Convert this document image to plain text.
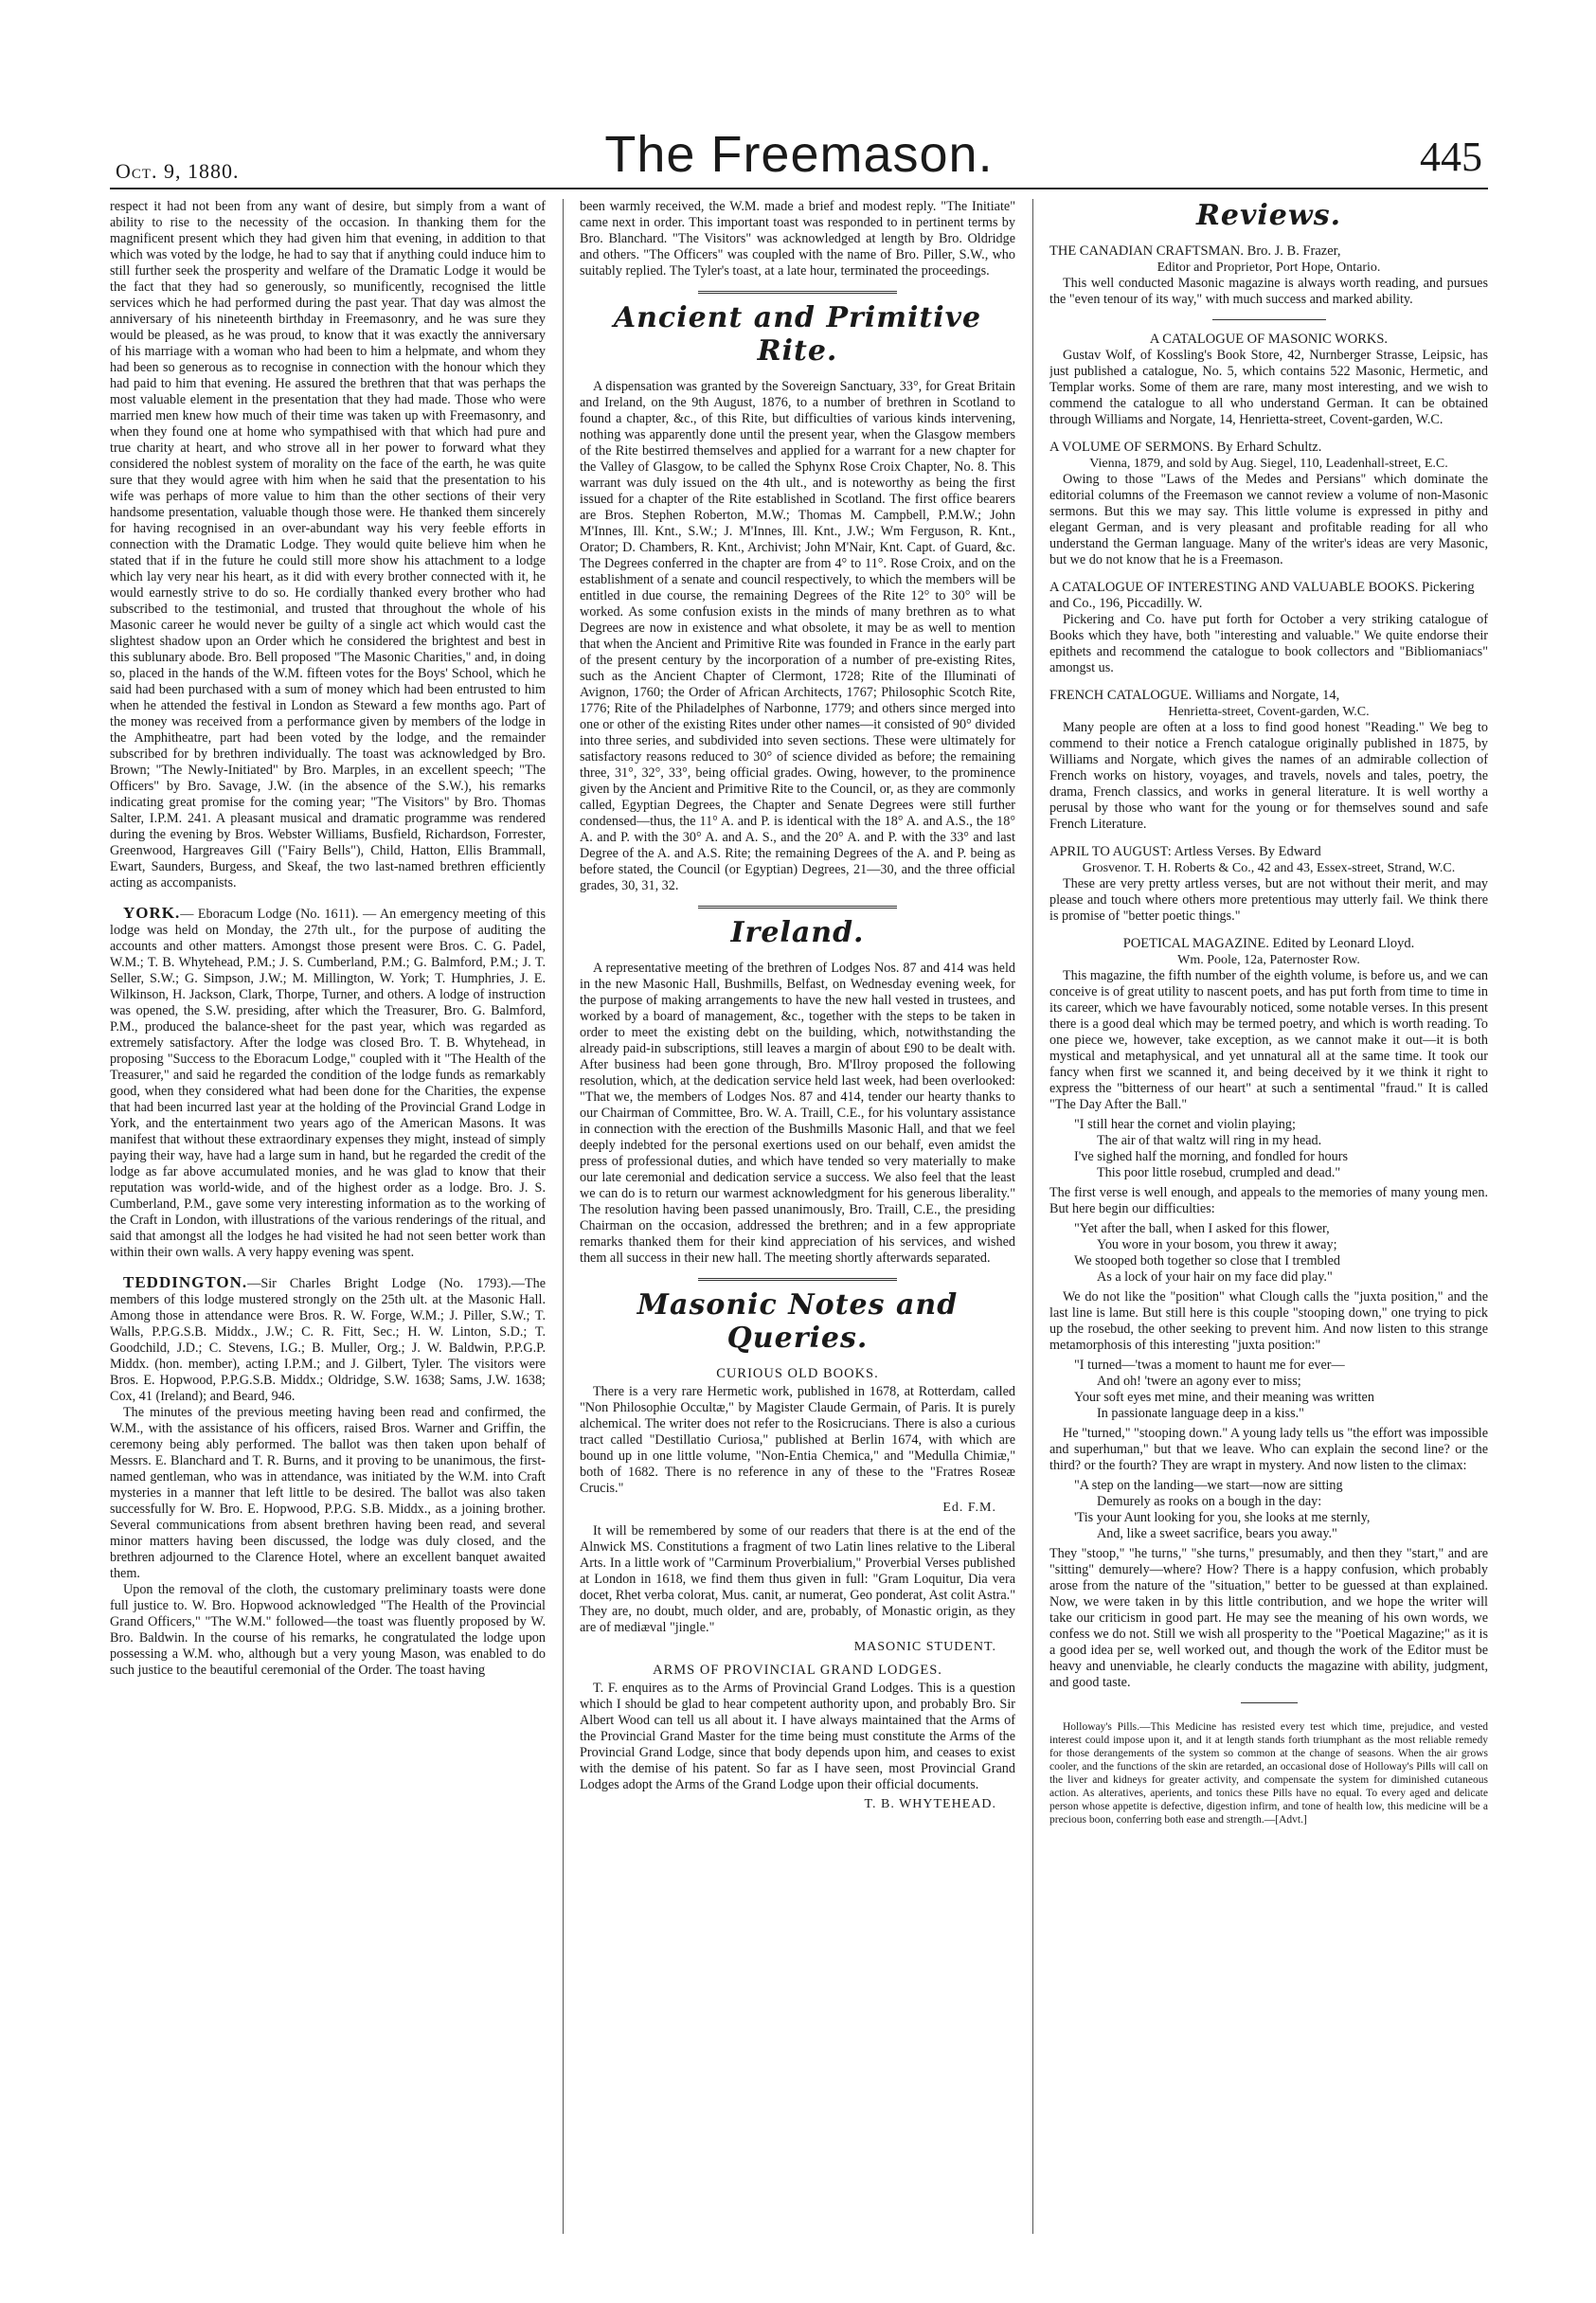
Oct. 9, 1880.	The Freemason.	445

respect it had not been from any want of desire, but simply from a want of ability to rise to the necessity of the occasion. In thanking them for the magnificent present which they had given him that evening, in addition to that which was voted by the lodge, he had to say that if anything could induce him to still further seek the prosperity and welfare of the Dramatic Lodge it would be the fact that they had so generously, so munificently, recognised the little services which he had performed during the past year. That day was almost the anniversary of his nineteenth birthday in Freemasonry, and he was sure they would be pleased, as he was proud, to know that it was exactly the anniversary of his marriage with a woman who had been to him a helpmate, and whom they had been so generous as to recognise in connection with the honour which they had paid to him that evening. He assured the brethren that that was perhaps the most valuable element in the presentation that they had made. Those who were married men knew how much of their time was taken up with Freemasonry, and when they found one at home who sympathised with that which had pure and true charity at heart, and who strove all in her power to forward what they considered the noblest system of morality on the face of the earth, he was quite sure that they would agree with him when he said that the presentation to his wife was perhaps of more value to him than the other sections of their very handsome presentation, valuable though those were. He thanked them sincerely for having recognised in an over-abundant way his very feeble efforts in connection with the Dramatic Lodge. They would quite believe him when he stated that if in the future he could still more show his attachment to a lodge which lay very near his heart, as it did with every brother connected with it, he would earnestly strive to do so. He cordially thanked every brother who had subscribed to the testimonial, and trusted that throughout the whole of his Masonic career he would never be guilty of a single act which would cast the slightest shadow upon an Order which he considered the brightest and best in this sublunary abode. Bro. Bell proposed "The Masonic Charities," and, in doing so, placed in the hands of the W.M. fifteen votes for the Boys' School, which he said had been purchased with a sum of money which had been entrusted to him when he attended the festival in London as Steward a few months ago. Part of the money was received from a performance given by members of the lodge in the Amphitheatre, part had been voted by the lodge, and the remainder subscribed for by brethren individually. The toast was acknowledged by Bro. Brown; "The Newly-Initiated" by Bro. Marples, in an excellent speech; "The Officers" by Bro. Savage, J.W. (in the absence of the S.W.), his remarks indicating great promise for the coming year; "The Visitors" by Bro. Thomas Salter, I.P.M. 241. A pleasant musical and dramatic programme was rendered during the evening by Bros. Webster Williams, Busfield, Richardson, Forrester, Greenwood, Hargreaves Gill ("Fairy Bells"), Child, Hatton, Ellis Brammall, Ewart, Saunders, Burgess, and Skeaf, the two last-named brethren efficiently acting as accompanists.

YORK.— Eboracum Lodge (No. 1611). — An emergency meeting of this lodge was held on Monday, the 27th ult., for the purpose of auditing the accounts and other matters. Amongst those present were Bros. C. G. Padel, W.M.; T. B. Whytehead, P.M.; J. S. Cumberland, P.M.; G. Balmford, P.M.; J. T. Seller, S.W.; G. Simpson, J.W.; M. Millington, W. York; T. Humphries, J. E. Wilkinson, H. Jackson, Clark, Thorpe, Turner, and others. A lodge of instruction was opened, the S.W. presiding, after which the Treasurer, Bro. G. Balmford, P.M., produced the balance-sheet for the past year, which was regarded as extremely satisfactory. After the lodge was closed Bro. T. B. Whytehead, in proposing "Success to the Eboracum Lodge," coupled with it "The Health of the Treasurer," and said he regarded the condition of the lodge funds as remarkably good, when they considered what had been done for the Charities, the expense that had been incurred last year at the holding of the Provincial Grand Lodge in York, and the entertainment two years ago of the American Masons. It was manifest that without these extraordinary expenses they might, instead of simply paying their way, have had a large sum in hand, but he regarded the credit of the lodge as far above accumulated monies, and he was glad to know that their reputation was world-wide, and of the highest order as a lodge. Bro. J. S. Cumberland, P.M., gave some very interesting information as to the working of the Craft in London, with illustrations of the various renderings of the ritual, and said that amongst all the lodges he had visited he had not seen better work than within their own walls. A very happy evening was spent.

TEDDINGTON.—Sir Charles Bright Lodge (No. 1793).—The members of this lodge mustered strongly on the 25th ult. at the Masonic Hall. Among those in attendance were Bros. R. W. Forge, W.M.; J. Piller, S.W.; T. Walls, P.P.G.S.B. Middx., J.W.; C. R. Fitt, Sec.; H. W. Linton, S.D.; T. Goodchild, J.D.; C. Stevens, I.G.; B. Muller, Org.; J. W. Baldwin, P.P.G.P. Middx. (hon. member), acting I.P.M.; and J. Gilbert, Tyler. The visitors were Bros. E. Hopwood, P.P.G.S.B. Middx.; Oldridge, S.W. 1638; Sams, J.W. 1638; Cox, 41 (Ireland); and Beard, 946.

The minutes of the previous meeting having been read and confirmed, the W.M., with the assistance of his officers, raised Bros. Warner and Griffin, the ceremony being ably performed. The ballot was then taken upon behalf of Messrs. E. Blanchard and T. R. Burns, and it proving to be unanimous, the first-named gentleman, who was in attendance, was initiated by the W.M. into Craft mysteries in a manner that left little to be desired. The ballot was also taken successfully for W. Bro. E. Hopwood, P.P.G. S.B. Middx., as a joining brother. Several communications from absent brethren having been read, and several minor matters having been discussed, the lodge was duly closed, and the brethren adjourned to the Clarence Hotel, where an excellent banquet awaited them.

Upon the removal of the cloth, the customary preliminary toasts were done full justice to. W. Bro. Hopwood acknowledged "The Health of the Provincial Grand Officers," "The W.M." followed—the toast was fluently proposed by W. Bro. Baldwin. In the course of his remarks, he congratulated the lodge upon possessing a W.M. who, although but a very young Mason, was enabled to do such justice to the beautiful ceremonial of the Order. The toast having

been warmly received, the W.M. made a brief and modest reply. "The Initiate" came next in order. This important toast was responded to in pertinent terms by Bro. Blanchard. "The Visitors" was acknowledged at length by Bro. Oldridge and others. "The Officers" was coupled with the name of Bro. Piller, S.W., who suitably replied. The Tyler's toast, at a late hour, terminated the proceedings.

Ancient and Primitive Rite.

A dispensation was granted by the Sovereign Sanctuary, 33°, for Great Britain and Ireland, on the 9th August, 1876, to a number of brethren in Scotland to found a chapter, &c., of this Rite, but difficulties of various kinds intervening, nothing was apparently done until the present year, when the Glasgow members of the Rite bestirred themselves and applied for a warrant for a new chapter for the Valley of Glasgow, to be called the Sphynx Rose Croix Chapter, No. 8. This warrant was duly issued on the 4th ult., and is noteworthy as being the first issued for a chapter of the Rite established in Scotland. The first office bearers are Bros. Stephen Roberton, M.W.; Thomas M. Campbell, P.M.W.; John M'Innes, Ill. Knt., S.W.; J. M'Innes, Ill. Knt., J.W.; Wm Ferguson, R. Knt., Orator; D. Chambers, R. Knt., Archivist; John M'Nair, Knt. Capt. of Guard, &c. The Degrees conferred in the chapter are from 4° to 11°. Rose Croix, and on the establishment of a senate and council respectively, to which the members will be entitled in due course, the remaining Degrees of the Rite 12° to 30° will be worked. As some confusion exists in the minds of many brethren as to what Degrees are now in existence and what obsolete, it may be as well to mention that when the Ancient and Primitive Rite was founded in France in the early part of the present century by the incorporation of a number of pre-existing Rites, such as the Ancient Chapter of Clermont, 1728; Rite of the Illuminati of Avignon, 1760; the Order of African Architects, 1767; Philosophic Scotch Rite, 1776; Rite of the Philadelphes of Narbonne, 1779; and others since merged into one or other of the existing Rites under other names—it consisted of 90° divided into three series, and subdivided into seven sections. These were ultimately for satisfactory reasons reduced to 30° of science divided as before; the remaining three, 31°, 32°, 33°, being official grades. Owing, however, to the prominence given by the Ancient and Primitive Rite to the Council, or, as they are commonly called, Egyptian Degrees, the Chapter and Senate Degrees were still further condensed—thus, the 11° A. and P. is identical with the 18° A. and A.S., the 18° A. and P. with the 30° A. and A. S., and the 20° A. and P. with the 33° and last Degree of the A. and A.S. Rite; the remaining Degrees of the A. and P. being as before stated, the Council (or Egyptian) Degrees, 21—30, and the three official grades, 30, 31, 32.

Ireland.

A representative meeting of the brethren of Lodges Nos. 87 and 414 was held in the new Masonic Hall, Bushmills, Belfast, on Wednesday evening week, for the purpose of making arrangements to have the new hall vested in trustees, and worked by a board of management, &c., together with the steps to be taken in order to meet the existing debt on the building, which, notwithstanding the already paid-in subscriptions, still leaves a margin of about £90 to be dealt with. After business had been gone through, Bro. M'Ilroy proposed the following resolution, which, at the dedication service held last week, had been overlooked: "That we, the members of Lodges Nos. 87 and 414, tender our hearty thanks to our Chairman of Committee, Bro. W. A. Traill, C.E., for his voluntary assistance in connection with the erection of the Bushmills Masonic Hall, and that we feel deeply indebted for the personal exertions used on our behalf, even amidst the press of professional duties, and which have tended so very materially to make our late ceremonial and dedication service a success. We also feel that the least we can do is to return our warmest acknowledgment for his generous liberality." The resolution having been passed unanimously, Bro. Traill, C.E., the presiding Chairman on the occasion, addressed the brethren; and in a few appropriate remarks thanked them for their kind appreciation of his services, and wished them all success in their new hall. The meeting shortly afterwards separated.

Masonic Notes and Queries.
CURIOUS OLD BOOKS.

There is a very rare Hermetic work, published in 1678, at Rotterdam, called "Non Philosophie Occultæ," by Magister Claude Germain, of Paris. It is purely alchemical. The writer does not refer to the Rosicrucians. There is also a curious tract called "Destillatio Curiosa," published at Berlin 1674, with which are bound up in one little volume, "Non-Entia Chemica," and "Medulla Chimiæ," both of 1682. There is no reference in any of these to the "Fratres Roseæ Crucis."

Ed. F.M.

It will be remembered by some of our readers that there is at the end of the Alnwick MS. Constitutions a fragment of two Latin lines relative to the Liberal Arts. In a little work of "Carminum Proverbialium," Proverbial Verses published at London in 1618, we find them thus given in full: "Gram Loquitur, Dia vera docet, Rhet verba colorat, Mus. canit, ar numerat, Geo ponderat, Ast colit Astra." They are, no doubt, much older, and are, probably, of Monastic origin, as they are of mediæval "jingle."

MASONIC STUDENT.
ARMS OF PROVINCIAL GRAND LODGES.

T. F. enquires as to the Arms of Provincial Grand Lodges. This is a question which I should be glad to hear competent authority upon, and probably Bro. Sir Albert Wood can tell us all about it. I have always maintained that the Arms of the Provincial Grand Master for the time being must constitute the Arms of the Provincial Grand Lodge, since that body depends upon him, and ceases to exist with the demise of his patent. So far as I have seen, most Provincial Grand Lodges adopt the Arms of the Grand Lodge upon their official documents.

T. B. WHYTEHEAD.
Reviews.
THE CANADIAN CRAFTSMAN. Bro. J. B. Frazer,
Editor and Proprietor, Port Hope, Ontario.

This well conducted Masonic magazine is always worth reading, and pursues the "even tenour of its way," with much success and marked ability.

A CATALOGUE OF MASONIC WORKS.

Gustav Wolf, of Kossling's Book Store, 42, Nurnberger Strasse, Leipsic, has just published a catalogue, No. 5, which contains 522 Masonic, Hermetic, and Templar works. Some of them are rare, many most interesting, and we wish to commend the catalogue to all who understand German. It can be obtained through Williams and Norgate, 14, Henrietta-street, Covent-garden, W.C.

A VOLUME OF SERMONS. By Erhard Schultz.
Vienna, 1879, and sold by Aug. Siegel, 110, Leadenhall-street, E.C.

Owing to those "Laws of the Medes and Persians" which dominate the editorial columns of the Freemason we cannot review a volume of non-Masonic sermons. But this we may say. This little volume is expressed in pithy and elegant German, and is very pleasant and profitable reading for all who understand the German language. Many of the writer's ideas are very Masonic, but we do not know that he is a Freemason.

A CATALOGUE OF INTERESTING AND VALUABLE BOOKS. Pickering and Co., 196, Piccadilly. W.

Pickering and Co. have put forth for October a very striking catalogue of Books which they have, both "interesting and valuable." We quite endorse their epithets and recommend the catalogue to book collectors and "Bibliomaniacs" amongst us.

FRENCH CATALOGUE. Williams and Norgate, 14,
Henrietta-street, Covent-garden, W.C.

Many people are often at a loss to find good honest "Reading." We beg to commend to their notice a French catalogue originally published in 1875, by Williams and Norgate, which gives the names of an admirable collection of French works on history, voyages, and travels, novels and tales, poetry, the drama, French classics, and works in general literature. It is well worthy a perusal by those who want for the young or for themselves sound and safe French Literature.

APRIL TO AUGUST: Artless Verses. By Edward
Grosvenor. T. H. Roberts & Co., 42 and 43, Essex-street, Strand, W.C.

These are very pretty artless verses, but are not without their merit, and may please and touch where others more pretentious may utterly fail. We think there is promise of "better poetic things."

POETICAL MAGAZINE. Edited by Leonard Lloyd.
Wm. Poole, 12a, Paternoster Row.

This magazine, the fifth number of the eighth volume, is before us, and we can conceive is of great utility to nascent poets, and has put forth from time to time in its career, which we have favourably noticed, some notable verses. In this present there is a good deal which may be termed poetry, and which is worth reading. To one piece we, however, take exception, as we cannot make it out—it is both mystical and metaphysical, and yet unnatural all at the same time. It took our fancy when first we scanned it, and being deceived by it we think it right to express the "bitterness of our heart" at such a sentimental "fraud." It is called "The Day After the Ball."

"I still hear the cornet and violin playing;
The air of that waltz will ring in my head.
I've sighed half the morning, and fondled for hours
This poor little rosebud, crumpled and dead."

The first verse is well enough, and appeals to the memories of many young men. But here begin our difficulties:

"Yet after the ball, when I asked for this flower,
You wore in your bosom, you threw it away;
We stooped both together so close that I trembled
As a lock of your hair on my face did play."

We do not like the "position" what Clough calls the "juxta position," and the last line is lame. But still here is this couple "stooping down," one trying to pick up the rosebud, the other seeking to prevent him. And now listen to this strange metamorphosis of this interesting "juxta position:"

"I turned—'twas a moment to haunt me for ever—
And oh! 'twere an agony ever to miss;
Your soft eyes met mine, and their meaning was written
In passionate language deep in a kiss."

He "turned," "stooping down." A young lady tells us "the effort was impossible and superhuman," but that we leave. Who can explain the second line? or the third? or the fourth? They are wrapt in mystery. And now listen to the climax:

"A step on the landing—we start—now are sitting
Demurely as rooks on a bough in the day:
'Tis your Aunt looking for you, she looks at me sternly,
And, like a sweet sacrifice, bears you away."

They "stoop," "he turns," "she turns," presumably, and then they "start," and are "sitting" demurely—where? How? There is a happy confusion, which probably arose from the nature of the "situation," better to be guessed at than explained. Now, we were taken in by this little contribution, and we hope the writer will take our criticism in good part. He may see the meaning of his own words, we confess we do not. Still we wish all prosperity to the "Poetical Magazine;" as it is a good idea per se, well worked out, and though the work of the Editor must be heavy and unenviable, he clearly conducts the magazine with ability, judgment, and good taste.

Holloway's Pills.—This Medicine has resisted every test which time, prejudice, and vested interest could impose upon it, and it at length stands forth triumphant as the most reliable remedy for those derangements of the system so common at the change of seasons. When the air grows cooler, and the functions of the skin are retarded, an occasional dose of Holloway's Pills will call on the liver and kidneys for greater activity, and compensate the system for diminished cutaneous action. As alteratives, aperients, and tonics these Pills have no equal. To every aged and delicate person whose appetite is defective, digestion infirm, and tone of health low, this medicine will be a precious boon, conferring both ease and strength.—[Advt.]
